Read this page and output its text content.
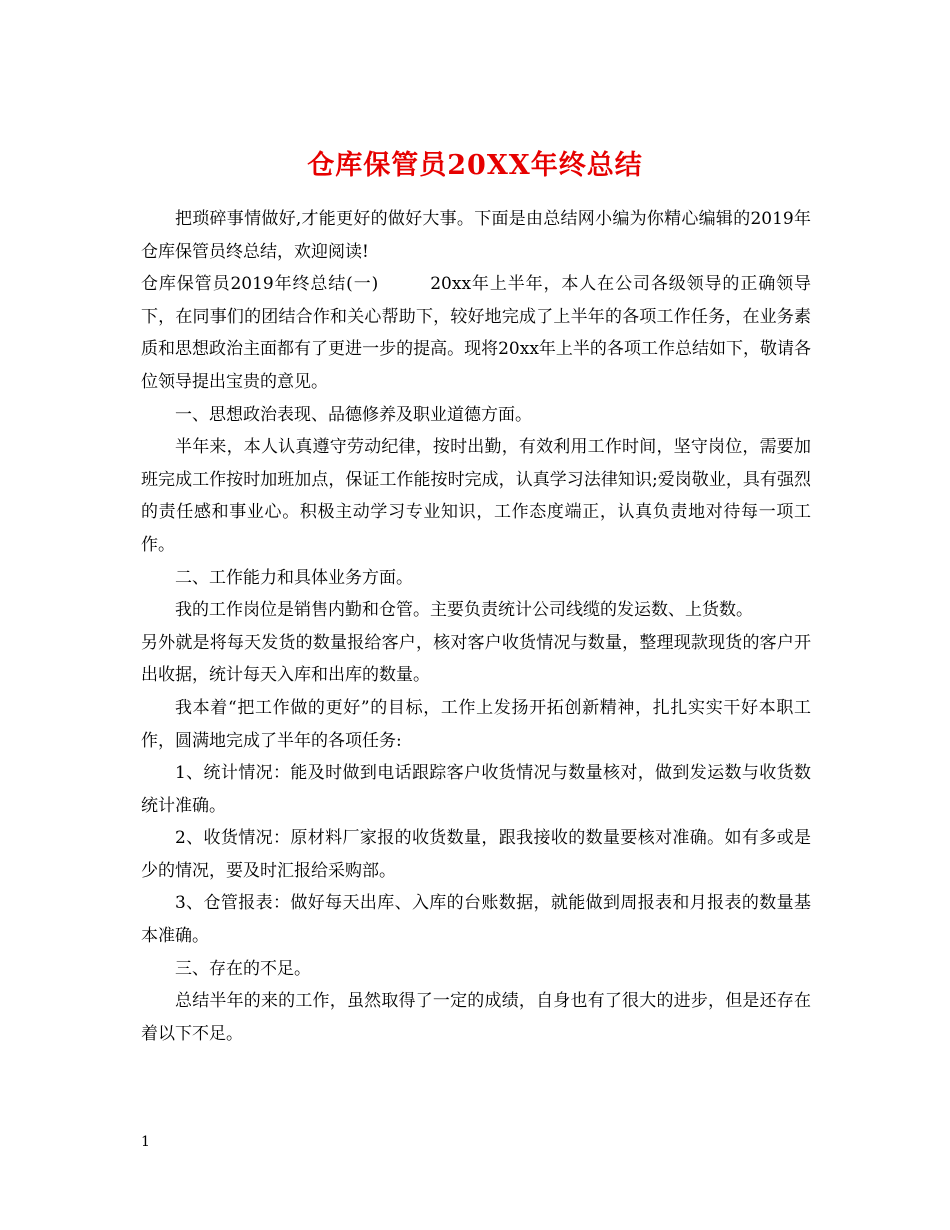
仓库保管员20XX年终总结

把琐碎事情做好,才能更好的做好大事。下面是由总结网小编为你精心编辑的2019年仓库保管员终总结，欢迎阅读!

仓库保管员2019年终总结(一)	20xx年上半年，本人在公司各级领导的正确领导下，在同事们的团结合作和关心帮助下，较好地完成了上半年的各项工作任务，在业务素质和思想政治主面都有了更进一步的提高。现将20xx年上半的各项工作总结如下，敬请各位领导提出宝贵的意见。

一、思想政治表现、品德修养及职业道德方面。

半年来，本人认真遵守劳动纪律，按时出勤，有效利用工作时间，坚守岗位，需要加班完成工作按时加班加点，保证工作能按时完成，认真学习法律知识;爱岗敬业，具有强烈的责任感和事业心。积极主动学习专业知识，工作态度端正，认真负责地对待每一项工作。

二、工作能力和具体业务方面。

我的工作岗位是销售内勤和仓管。主要负责统计公司线缆的发运数、上货数。

另外就是将每天发货的数量报给客户，核对客户收货情况与数量，整理现款现货的客户开出收据，统计每天入库和出库的数量。

我本着“把工作做的更好”的目标，工作上发扬开拓创新精神，扎扎实实干好本职工作，圆满地完成了半年的各项任务:

1、统计情况：能及时做到电话跟踪客户收货情况与数量核对，做到发运数与收货数统计准确。

2、收货情况：原材料厂家报的收货数量，跟我接收的数量要核对准确。如有多或是少的情况，要及时汇报给采购部。

3、仓管报表：做好每天出库、入库的台账数据，就能做到周报表和月报表的数量基本准确。

三、存在的不足。

总结半年的来的工作，虽然取得了一定的成绩，自身也有了很大的进步，但是还存在着以下不足。

1
